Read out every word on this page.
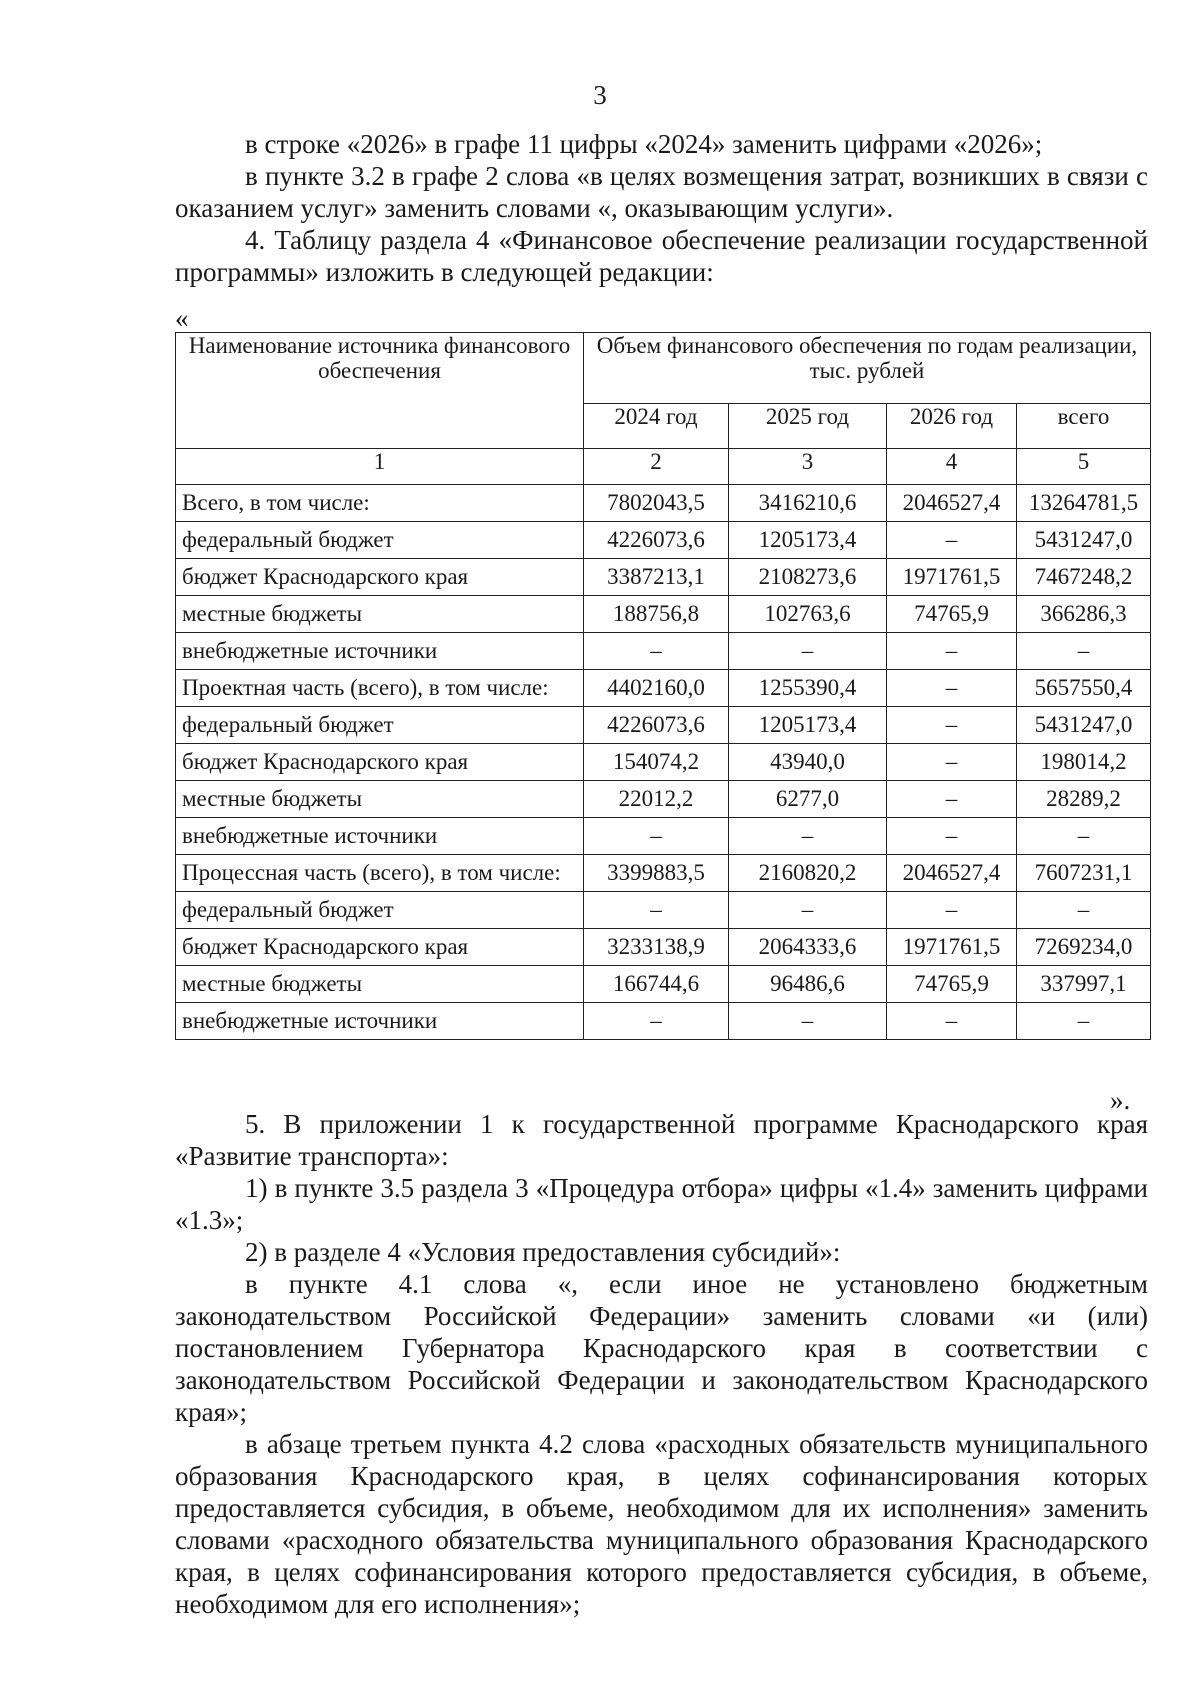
3

в строке «2026» в графе 11 цифры «2024» заменить цифрами «2026»;

в пункте 3.2 в графе 2 слова «в целях возмещения затрат, возникших в связи с оказанием услуг» заменить словами «, оказывающим услуги».

4. Таблицу раздела 4 «Финансовое обеспечение реализации государственной программы» изложить в следующей редакции:

«
Наименование источника финансового обеспечения	Объем финансового обеспечения по годам реализации, тыс. рублей			
	2024 год	2025 год	2026 год	всего
1	2	3	4	5
Всего, в том числе:	7802043,5	3416210,6	2046527,4	13264781,5
федеральный бюджет	4226073,6	1205173,4	–	5431247,0
бюджет Краснодарского края	3387213,1	2108273,6	1971761,5	7467248,2
местные бюджеты	188756,8	102763,6	74765,9	366286,3
внебюджетные источники	–	–	–	–
Проектная часть (всего), в том числе:	4402160,0	1255390,4	–	5657550,4
федеральный бюджет	4226073,6	1205173,4	–	5431247,0
бюджет Краснодарского края	154074,2	43940,0	–	198014,2
местные бюджеты	22012,2	6277,0	–	28289,2
внебюджетные источники	–	–	–	–
Процессная часть (всего), в том числе:	3399883,5	2160820,2	2046527,4	7607231,1
федеральный бюджет	–	–	–	–
бюджет Краснодарского края	3233138,9	2064333,6	1971761,5	7269234,0
местные бюджеты	166744,6	96486,6	74765,9	337997,1
внебюджетные источники	–	–	–	–
».

5. В приложении 1 к государственной программе Краснодарского края «Развитие транспорта»:

1) в пункте 3.5 раздела 3 «Процедура отбора» цифры «1.4» заменить цифрами «1.3»;

2) в разделе 4 «Условия предоставления субсидий»:

в пункте 4.1 слова «, если иное не установлено бюджетным законодательством Российской Федерации» заменить словами «и (или) постановлением Губернатора Краснодарского края в соответствии с законодательством Российской Федерации и законодательством Краснодарского края»;

в абзаце третьем пункта 4.2 слова «расходных обязательств муниципального образования Краснодарского края, в целях софинансирования которых предоставляется субсидия, в объеме, необходимом для их исполнения» заменить словами «расходного обязательства муниципального образования Краснодарского края, в целях софинансирования которого предоставляется субсидия, в объеме, необходимом для его исполнения»;
